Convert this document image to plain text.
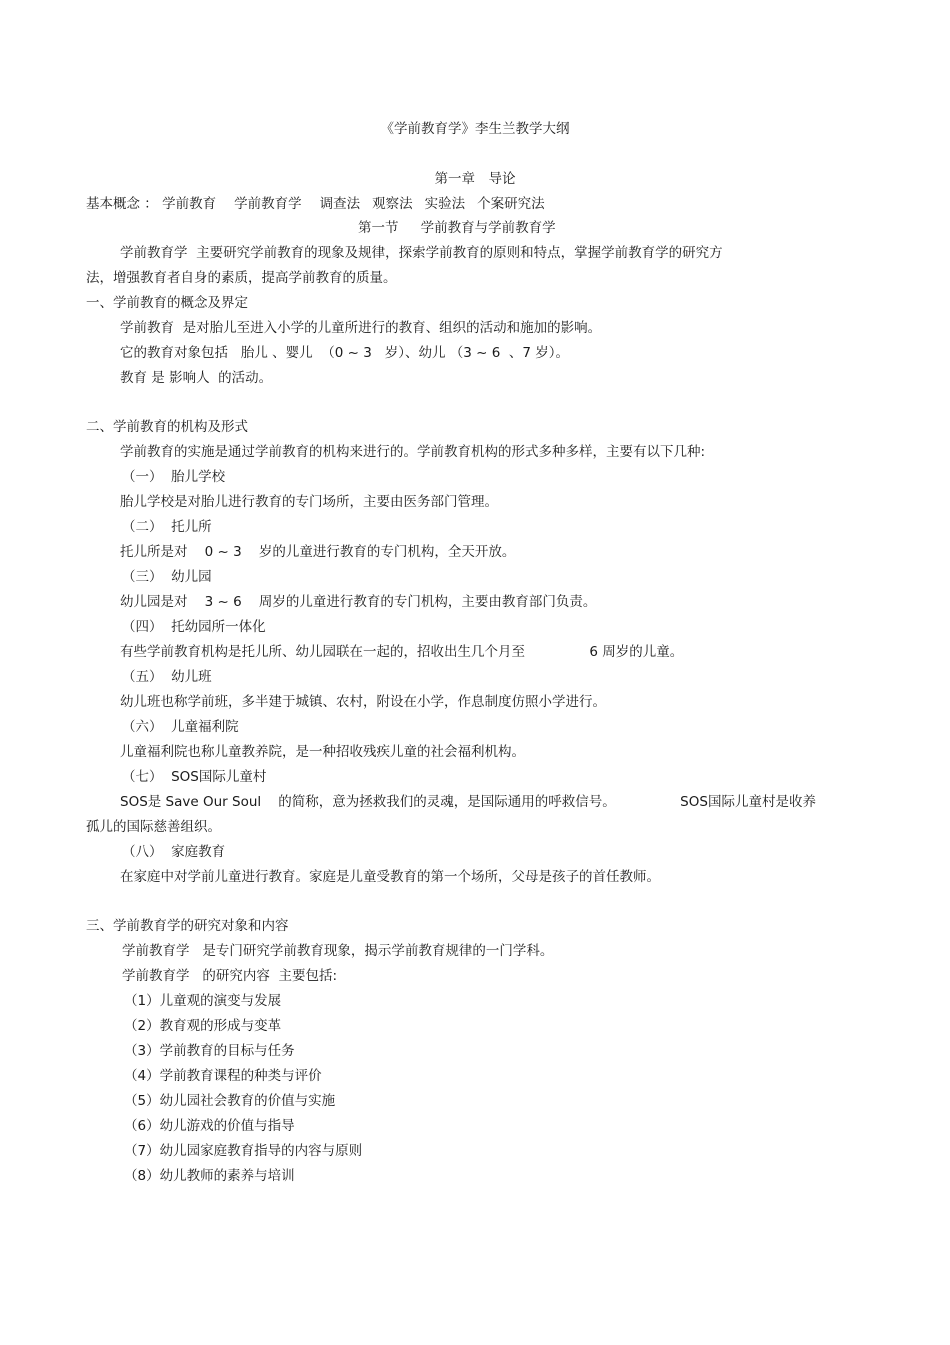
《学前教育学》李生兰教学大纲
第一章　导论
基本概念 ： 学前教育 学前教育学 调查法 观察法 实验法 个案研究法
第一节　  学前教育与学前教育学
学前教育学  主要研究学前教育的现象及规律，探索学前教育的原则和特点，掌握学前教育学的研究方
法，增强教育者自身的素质，提高学前教育的质量。
一、学前教育的概念及界定
学前教育  是对胎儿至进入小学的儿童所进行的教育、组织的活动和施加的影响。
它的教育对象包括   胎儿 、婴儿  （0 ~ 3   岁）、幼儿 （3 ~ 6  、7 岁）。
教育 是 影响人  的活动。
二、学前教育的机构及形式
学前教育的实施是通过学前教育的机构来进行的。学前教育机构的形式多种多样，主要有以下几种:
（一）  胎儿学校
胎儿学校是对胎儿进行教育的专门场所，主要由医务部门管理。
（二）  托儿所
托儿所是对    0 ~ 3    岁的儿童进行教育的专门机构，全天开放。
（三）  幼儿园
幼儿园是对    3 ~ 6    周岁的儿童进行教育的专门机构，主要由教育部门负责。
（四）  托幼园所一体化
有些学前教育机构是托儿所、幼儿园联在一起的，招收出生几个月至               6 周岁的儿童。
（五）  幼儿班
幼儿班也称学前班，多半建于城镇、农村，附设在小学，作息制度仿照小学进行。
（六）  儿童福利院
儿童福利院也称儿童教养院，是一种招收残疾儿童的社会福利机构。
（七）  SOS国际儿童村
SOS是 Save Our Soul    的简称，意为拯救我们的灵魂，是国际通用的呼救信号。               SOS国际儿童村是收养
孤儿的国际慈善组织。
（八）  家庭教育
在家庭中对学前儿童进行教育。家庭是儿童受教育的第一个场所，父母是孩子的首任教师。
三、学前教育学的研究对象和内容
学前教育学   是专门研究学前教育现象，揭示学前教育规律的一门学科。
学前教育学   的研究内容  主要包括:
（1）儿童观的演变与发展
（2）教育观的形成与变革
（3）学前教育的目标与任务
（4）学前教育课程的种类与评价
（5）幼儿园社会教育的价值与实施
（6）幼儿游戏的价值与指导
（7）幼儿园家庭教育指导的内容与原则
（8）幼儿教师的素养与培训
